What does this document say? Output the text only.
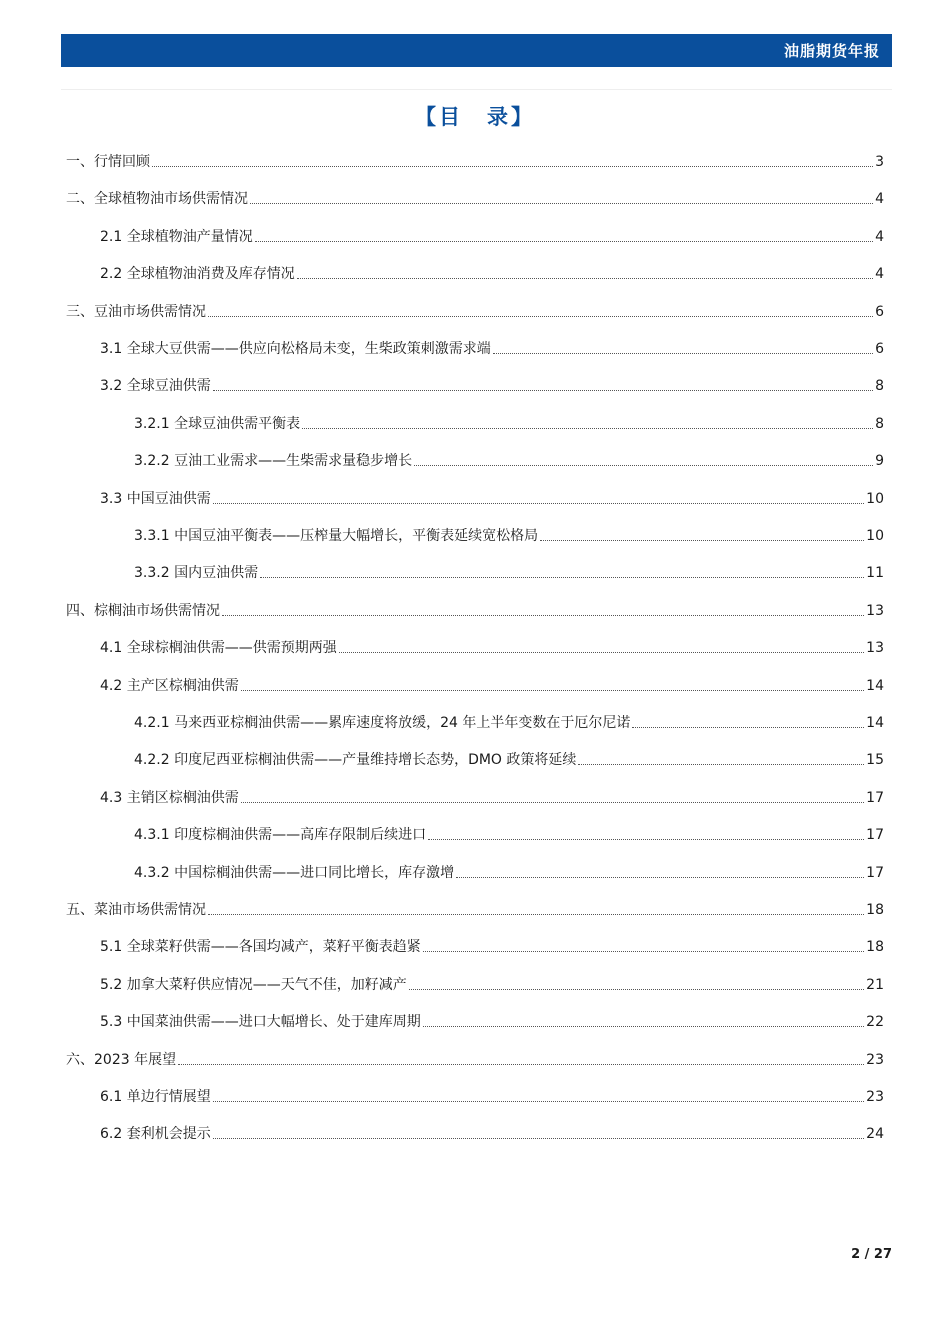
油脂期货年报
【目　录】
一、行情回顾	3
二、全球植物油市场供需情况	4
2.1 全球植物油产量情况	4
2.2 全球植物油消费及库存情况	4
三、豆油市场供需情况	6
3.1 全球大豆供需——供应向松格局未变，生柴政策刺激需求端	6
3.2 全球豆油供需	8
3.2.1 全球豆油供需平衡表	8
3.2.2 豆油工业需求——生柴需求量稳步增长	9
3.3 中国豆油供需	10
3.3.1 中国豆油平衡表——压榨量大幅增长，平衡表延续宽松格局	10
3.3.2 国内豆油供需	11
四、棕榈油市场供需情况	13
4.1 全球棕榈油供需——供需预期两强	13
4.2 主产区棕榈油供需	14
4.2.1 马来西亚棕榈油供需——累库速度将放缓，24 年上半年变数在于厄尔尼诺	14
4.2.2 印度尼西亚棕榈油供需——产量维持增长态势，DMO 政策将延续	15
4.3 主销区棕榈油供需	17
4.3.1 印度棕榈油供需——高库存限制后续进口	17
4.3.2 中国棕榈油供需——进口同比增长，库存激增	17
五、菜油市场供需情况	18
5.1 全球菜籽供需——各国均减产，菜籽平衡表趋紧	18
5.2 加拿大菜籽供应情况——天气不佳，加籽减产	21
5.3 中国菜油供需——进口大幅增长、处于建库周期	22
六、2023 年展望	23
6.1 单边行情展望	23
6.2 套利机会提示	24
2 / 27
